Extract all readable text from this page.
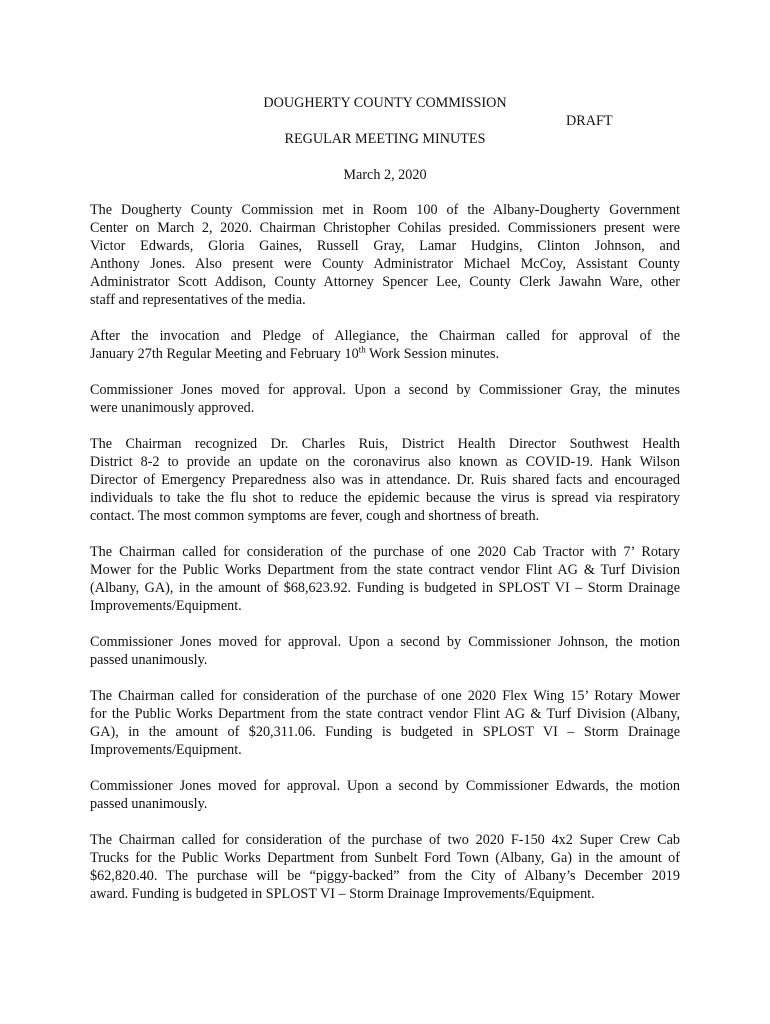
DOUGHERTY COUNTY COMMISSION

DRAFT

REGULAR MEETING MINUTES

March 2, 2020

The Dougherty County Commission met in Room 100 of the Albany-Dougherty Government
Center on March 2, 2020. Chairman Christopher Cohilas presided. Commissioners present were
Victor Edwards, Gloria Gaines, Russell Gray, Lamar Hudgins, Clinton Johnson, and
Anthony Jones. Also present were County Administrator Michael McCoy, Assistant County
Administrator Scott Addison, County Attorney Spencer Lee, County Clerk Jawahn Ware, other
staff and representatives of the media.

After the invocation and Pledge of Allegiance, the Chairman called for approval of the
January 27th Regular Meeting and February 10th Work Session minutes.

Commissioner Jones moved for approval. Upon a second by Commissioner Gray, the minutes
were unanimously approved.

The Chairman recognized Dr. Charles Ruis, District Health Director Southwest Health
District 8-2 to provide an update on the coronavirus also known as COVID-19. Hank Wilson
Director of Emergency Preparedness also was in attendance. Dr. Ruis shared facts and encouraged
individuals to take the flu shot to reduce the epidemic because the virus is spread via respiratory
contact. The most common symptoms are fever, cough and shortness of breath.

The Chairman called for consideration of the purchase of one 2020 Cab Tractor with 7’ Rotary
Mower for the Public Works Department from the state contract vendor Flint AG & Turf Division
(Albany, GA), in the amount of $68,623.92. Funding is budgeted in SPLOST VI – Storm Drainage
Improvements/Equipment.

Commissioner Jones moved for approval. Upon a second by Commissioner Johnson, the motion
passed unanimously.

The Chairman called for consideration of the purchase of one 2020 Flex Wing 15’ Rotary Mower
for the Public Works Department from the state contract vendor Flint AG & Turf Division (Albany,
GA), in the amount of $20,311.06. Funding is budgeted in SPLOST VI – Storm Drainage
Improvements/Equipment.

Commissioner Jones moved for approval. Upon a second by Commissioner Edwards, the motion
passed unanimously.

The Chairman called for consideration of the purchase of two 2020 F-150 4x2 Super Crew Cab
Trucks for the Public Works Department from Sunbelt Ford Town (Albany, Ga) in the amount of
$62,820.40. The purchase will be “piggy-backed” from the City of Albany’s December 2019
award. Funding is budgeted in SPLOST VI – Storm Drainage Improvements/Equipment.
